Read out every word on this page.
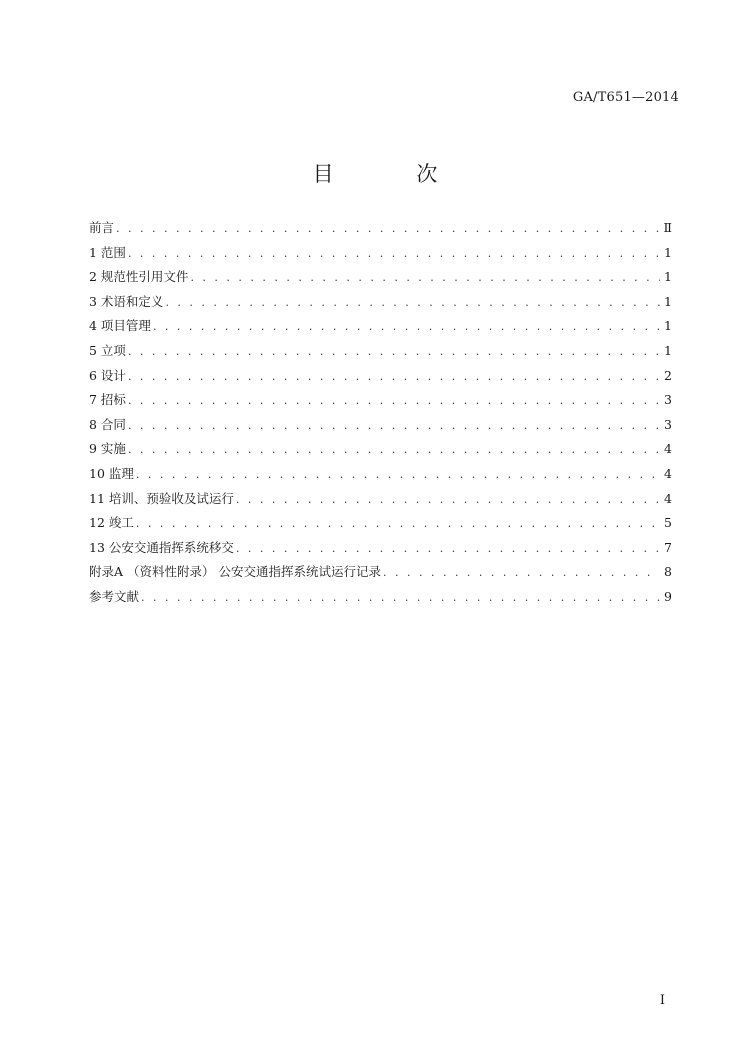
GA/T651—2014
目 次
前言 . . .	Ⅱ
1 范围 . . .	1
2 规范性引用文件 . . .	1
3 术语和定义 . . .	1
4 项目管理 . . .	1
5 立项 . . .	1
6 设计 . . .	2
7 招标 . . .	3
8 合同 . . .	3
9 实施 . . .	4
10 监理 . . .	4
11 培训、预验收及试运行 . . .	4
12 竣工 . . .	5
13 公安交通指挥系统移交 . . .	7
附录A （资料性附录） 公安交通指挥系统试运行记录 . . .	8
参考文献 . . .	9
Ⅰ
